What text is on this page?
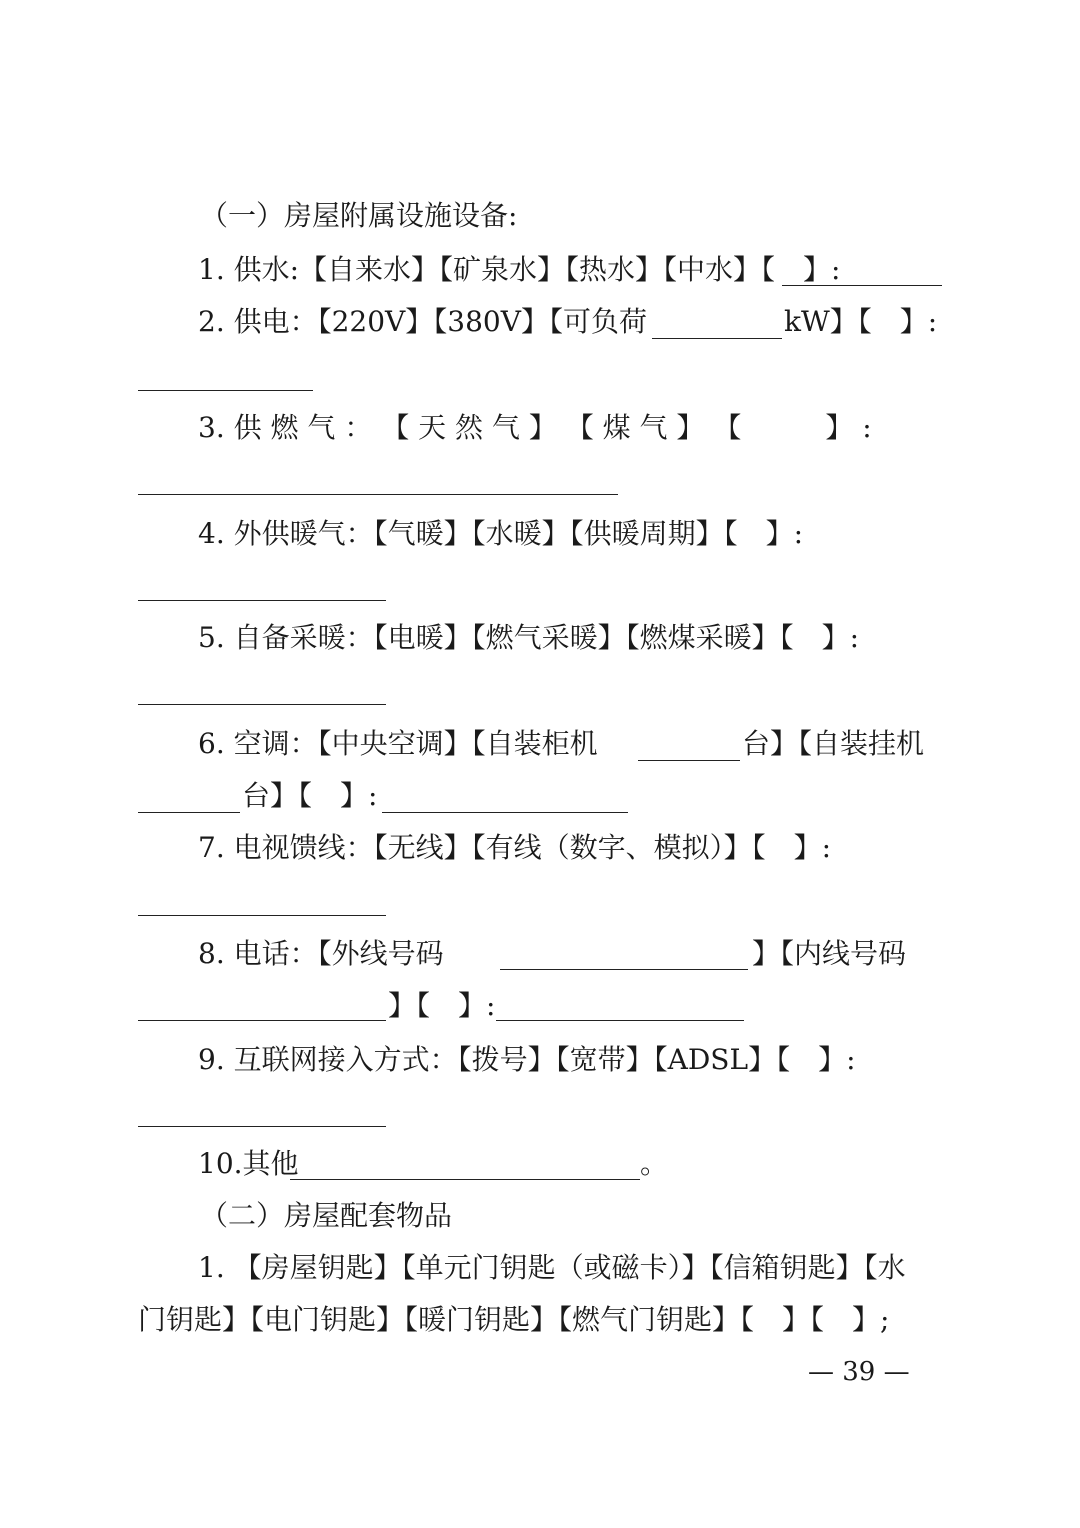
（一）房屋附属设施设备:
1. 供水:【自来水】【矿泉水】【热水】【中水】【　】:
2. 供电：【220V】【380V】【可负荷	kW】【　】:
3. 供 燃 气 ： 【 天 然 气 】 【 煤 气 】 【　　　】 :
4. 外供暖气：【气暖】【水暖】【供暖周期】【　】:
5. 自备采暖：【电暖】【燃气采暖】【燃煤采暖】【　】:
6. 空调：【中央空调】【自装柜机	台】【自装挂机
台】【　】:
7. 电视馈线：【无线】【有线（数字、模拟）】【　】:
8. 电话：【外线号码	】【内线号码
】【　】:
9. 互联网接入方式：【拨号】【宽带】【ADSL】【　】:
10.其他	。
（二）房屋配套物品
1. 【房屋钥匙】【单元门钥匙（或磁卡）】【信箱钥匙】【水
门钥匙】【电门钥匙】【暖门钥匙】【燃气门钥匙】【　】【　】;
— 39 —
